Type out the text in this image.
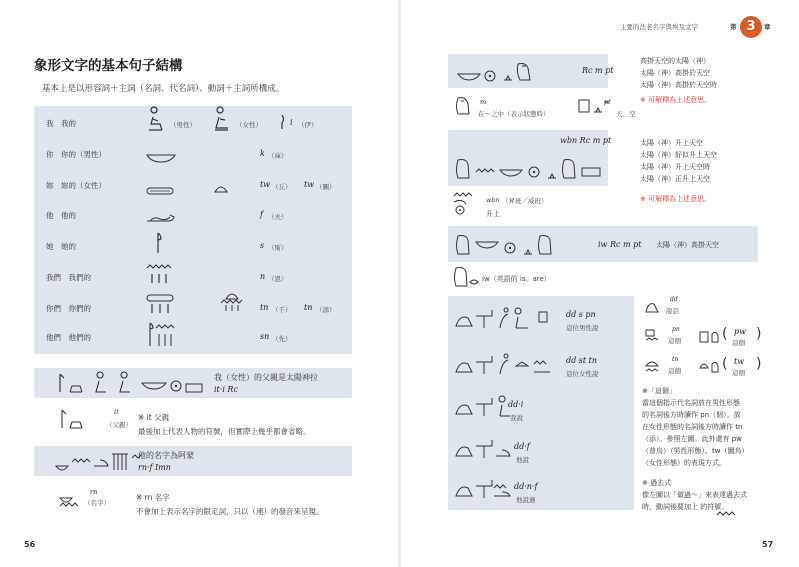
象形文字的基本句子結構
基本上是以形容詞＋主詞（名詞、代名詞）、動詞＋主詞所構成。
我　我的	（男性）	（女性）	i （伊）
你　你的（男性）	k （庫）
妳　妳的（女性）	tw （丘） tw （圖）
他　他的	f （夫）
她　她的	s （斯）
我們　我們的	n （恩）
你們　你們的	tn （千） tn （添）
他們　他們的	sn （先）
我（女性）的父親是太陽神拉
it·i Rc
it
（父親）
※ it 父親
最後加上代表人物的符號，但實際上幾乎都會省略。
他的名字為阿蒙
rn·f Imn
rn
（名字）
※ rn 名字
不會加上表示名字的限定詞，只以（連）的發音來呈現。
56
主要的法老名字與埃及文字	第 3	章
Rc m pt
高掛天空的太陽（神）
太陽（神）高掛於天空
太陽（神）高掛於天空時
※ 可解釋為上述意思。
m
在～之中（表示狀態時）
pt
天、空
wbn Rc m pt	太陽（神）升上天空
太陽（神）好似升上天空
太陽（神）升上天空時
太陽（神）正升上天空
※ 可解釋為上述意思。
wbn （昇班／威班）
升上
iw Rc m pt 太陽（神）高掛天空
iw（英語的 is、are）
dd s pn
這位男性說
dd st tn
這位女性說
dd·i
我說
dd·f
他說
dd·n·f
他說過
dd
說話
pn
這個	( pw
這個
)
tn
這個	( tw
這個
)
※「這個」
當這個指示代名詞放在男性形態
的名詞後方時讀作 pn（個）。放
在女性形態的名詞後方時讀作 tn
（添）。參照左圖。此外還有 pw
（普烏）（男性形態）、tw（圖烏）
（女性形態）的表現方式。
※ 過去式
像左圖以「做過～」來表達過去式
時，動詞後要加上 的符號。
57
